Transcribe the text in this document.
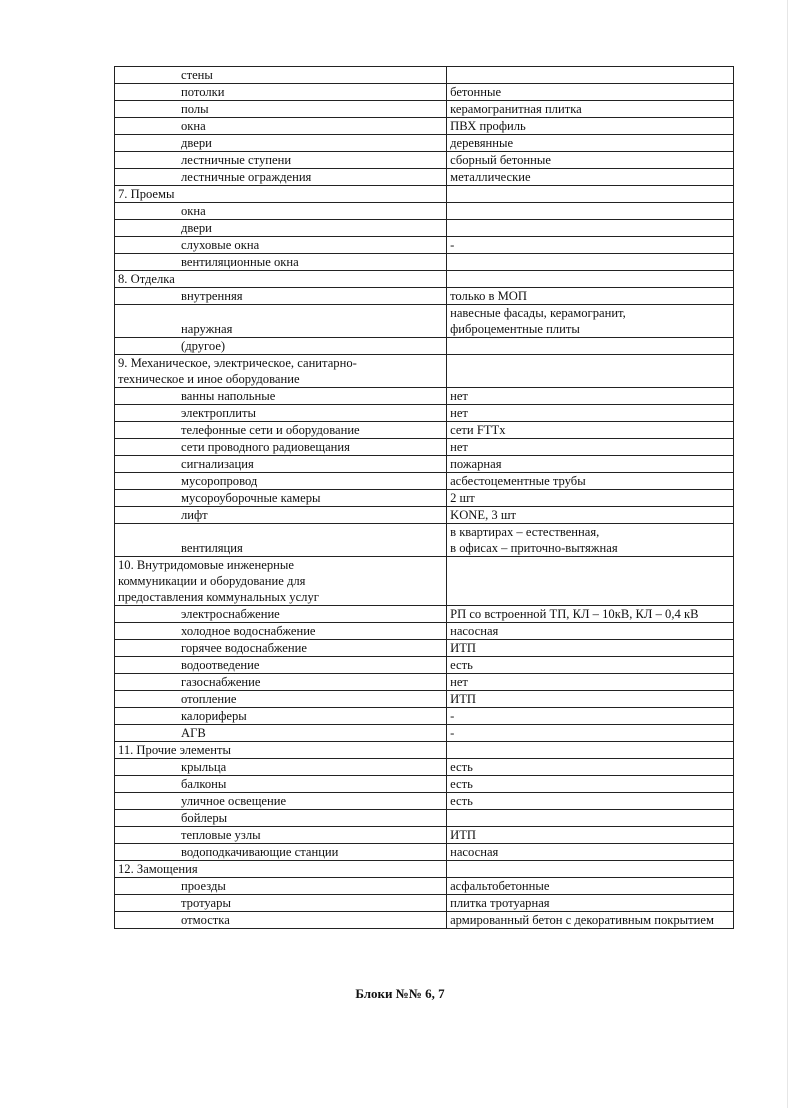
стены	
потолки	бетонные
полы	керамогранитная плитка
окна	ПВХ профиль
двери	деревянные
лестничные ступени	сборный бетонные
лестничные ограждения	металлические
7. Проемы	
окна	
двери	
слуховые окна	-
вентиляционные окна	
8. Отделка	
внутренняя	только в МОП
наружная	навесные фасады, керамогранит,
фиброцементные плиты
(другое)	
9. Механическое, электрическое, санитарно-
техническое и иное оборудование	
ванны напольные	нет
электроплиты	нет
телефонные сети и оборудование	сети FTTx
сети проводного радиовещания	нет
сигнализация	пожарная
мусоропровод	асбестоцементные трубы
мусороуборочные камеры	2 шт
лифт	KONE, 3 шт
вентиляция	в квартирах – естественная,
в офисах – приточно-вытяжная
10. Внутридомовые инженерные
коммуникации и оборудование для
предоставления коммунальных услуг	
электроснабжение	РП со встроенной ТП, КЛ – 10кВ, КЛ – 0,4 кВ
холодное водоснабжение	насосная
горячее водоснабжение	ИТП
водоотведение	есть
газоснабжение	нет
отопление	ИТП
калориферы	-
АГВ	-
11. Прочие элементы	
крыльца	есть
балконы	есть
уличное освещение	есть
бойлеры	
тепловые узлы	ИТП
водоподкачивающие станции	насосная
12. Замощения	
проезды	асфальтобетонные
тротуары	плитка тротуарная
отмостка	армированный бетон с декоративным покрытием
Блоки №№ 6, 7
